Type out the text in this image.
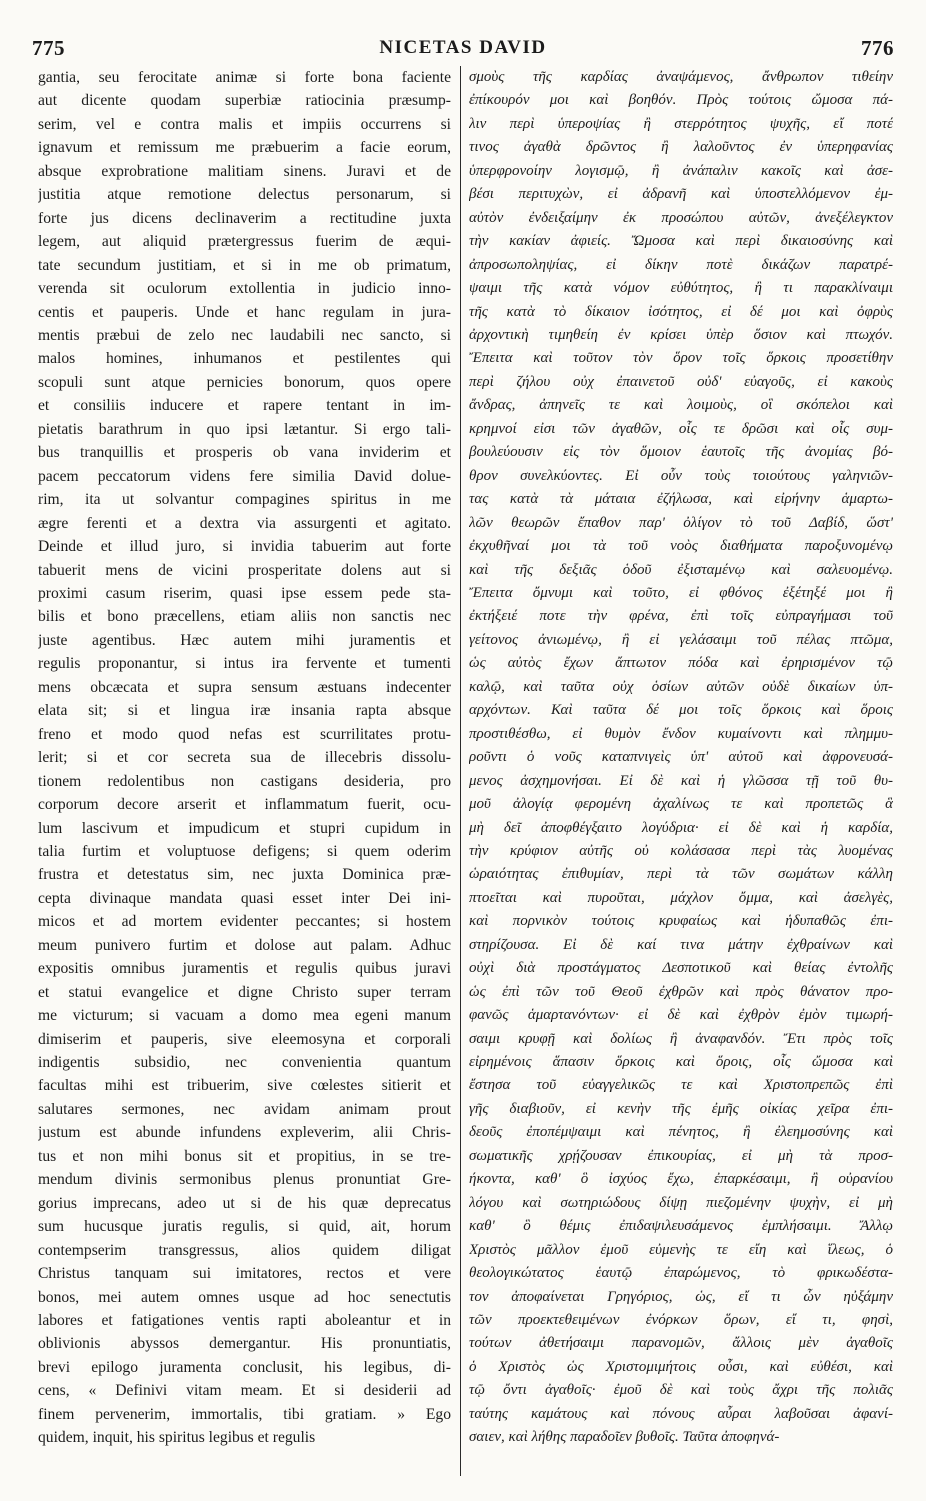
775	NICETAS DAVID	776
gantia, seu ferocitate animæ si forte bona faciente
aut dicente quodam superbiæ ratiocinia præsump-
serim, vel e contra malis et impiis occurrens si
ignavum et remissum me præbuerim a facie eorum,
absque exprobratione malitiam sinens. Juravi et de
justitia atque remotione delectus personarum, si
forte jus dicens declinaverim a rectitudine juxta
legem, aut aliquid prætergressus fuerim de æqui-
tate secundum justitiam, et si in me ob primatum,
verenda sit oculorum extollentia in judicio inno-
centis et pauperis. Unde et hanc regulam in jura-
mentis præbui de zelo nec laudabili nec sancto, si
malos homines, inhumanos et pestilentes qui
scopuli sunt atque pernicies bonorum, quos opere
et consiliis inducere et rapere tentant in im-
pietatis barathrum in quo ipsi lætantur. Si ergo tali-
bus tranquillis et prosperis ob vana inviderim et
pacem peccatorum videns fere similia David dolue-
rim, ita ut solvantur compagines spiritus in me
ægre ferenti et a dextra via assurgenti et agitato.
Deinde et illud juro, si invidia tabuerim aut forte
tabuerit mens de vicini prosperitate dolens aut si
proximi casum riserim, quasi ipse essem pede sta-
bilis et bono præcellens, etiam aliis non sanctis nec
juste agentibus. Hæc autem mihi juramentis et
regulis proponantur, si intus ira fervente et tumenti
mens obcæcata et supra sensum æstuans indecenter
elata sit; si et lingua iræ insania rapta absque
freno et modo quod nefas est scurrilitates protu-
lerit; si et cor secreta sua de illecebris dissolu-
tionem redolentibus non castigans desideria, pro
corporum decore arserit et inflammatum fuerit, ocu-
lum lascivum et impudicum et stupri cupidum in
talia furtim et voluptuose defigens; si quem oderim
frustra et detestatus sim, nec juxta Dominica præ-
cepta divinaque mandata quasi esset inter Dei ini-
micos et ad mortem evidenter peccantes; si hostem
meum punivero furtim et dolose aut palam. Adhuc
expositis omnibus juramentis et regulis quibus juravi
et statui evangelice et digne Christo super terram
me victurum; si vacuam a domo mea egeni manum
dimiserim et pauperis, sive eleemosyna et corporali
indigentis subsidio, nec convenientia quantum
facultas mihi est tribuerim, sive cœlestes sitierit et
salutares sermones, nec avidam animam prout
justum est abunde infundens expleverim, alii Chris-
tus et non mihi bonus sit et propitius, in se tre-
mendum divinis sermonibus plenus pronuntiat Gre-
gorius imprecans, adeo ut si de his quæ deprecatus
sum hucusque juratis regulis, si quid, ait, horum
contempserim transgressus, alios quidem diligat
Christus tanquam sui imitatores, rectos et vere
bonos, mei autem omnes usque ad hoc senectutis
labores et fatigationes ventis rapti aboleantur et in
oblivionis abyssos demergantur. His pronuntiatis,
brevi epilogo juramenta conclusit, his legibus, di-
cens, « Definivi vitam meam. Et si desiderii ad
finem pervenerim, immortalis, tibi gratiam. » Ego
quidem, inquit, his spiritus legibus et regulis
σμοὺς τῆς καρδίας ἀναψάμενος, ἄνθρωπον τιθείην
ἐπίκουρόν μοι καὶ βοηθόν. Πρὸς τούτοις ὤμοσα πά-
λιν περὶ ὑπεροψίας ἢ στερρότητος ψυχῆς, εἴ ποτέ
τινος ἀγαθὰ δρῶντος ἢ λαλοῦντος ἐν ὑπερηφανίας
ὑπερφρονοίην λογισμῷ, ἢ ἀνάπαλιν κακοῖς καὶ ἀσε-
βέσι περιτυχὼν, εἰ ἀδρανῆ καὶ ὑποστελλόμενον ἐμ-
αὐτὸν ἐνδειξαίμην ἐκ προσώπου αὐτῶν, ἀνεξέλεγκτον
τὴν κακίαν ἀφιείς. Ὤμοσα καὶ περὶ δικαιοσύνης καὶ
ἀπροσωποληψίας, εἰ δίκην ποτὲ δικάζων παρατρέ-
ψαιμι τῆς κατὰ νόμον εὐθύτητος, ἢ τι παρακλίναιμι
τῆς κατὰ τὸ δίκαιον ἰσότητος, εἰ δέ μοι καὶ ὀφρὺς
ἀρχοντικὴ τιμηθείη ἐν κρίσει ὑπὲρ ὅσιον καὶ πτωχόν.
Ἔπειτα καὶ τοῦτον τὸν ὅρον τοῖς ὅρκοις προσετίθην
περὶ ζήλου οὐχ ἐπαινετοῦ οὐδ' εὐαγοῦς, εἰ κακοὺς
ἄνδρας, ἀπηνεῖς τε καὶ λοιμοὺς, οἳ σκόπελοι καὶ
κρημνοί εἰσι τῶν ἀγαθῶν, οἷς τε δρῶσι καὶ οἷς συμ-
βουλεύουσιν εἰς τὸν ὅμοιον ἑαυτοῖς τῆς ἀνομίας βό-
θρον συνελκύοντες. Εἰ οὖν τοὺς τοιούτους γαληνιῶν-
τας κατὰ τὰ μάταια ἐζήλωσα, καὶ εἰρήνην ἁμαρτω-
λῶν θεωρῶν ἔπαθον παρ' ὀλίγον τὸ τοῦ Δαβίδ, ὥστ'
ἐκχυθῆναί μοι τὰ τοῦ νοὸς διαθήματα παροξυνομένῳ
καὶ τῆς δεξιᾶς ὁδοῦ ἐξισταμένῳ καὶ σαλευομένῳ.
Ἔπειτα ὄμνυμι καὶ τοῦτο, εἰ φθόνος ἐξέτηξέ μοι ἢ
ἐκτήξειέ ποτε τὴν φρένα, ἐπὶ τοῖς εὐπραγήμασι τοῦ
γείτονος ἀνιωμένῳ, ἢ εἰ γελάσαιμι τοῦ πέλας πτῶμα,
ὡς αὐτὸς ἔχων ἄπτωτον πόδα καὶ ἐρηρισμένον τῷ
καλῷ, καὶ ταῦτα οὐχ ὁσίων αὐτῶν οὐδὲ δικαίων ὑπ-
αρχόντων. Καὶ ταῦτα δέ μοι τοῖς ὅρκοις καὶ ὅροις
προστιθέσθω, εἰ θυμὸν ἔνδον κυμαίνοντι καὶ πλημμυ-
ροῦντι ὁ νοῦς καταπνιγεὶς ὑπ' αὐτοῦ καὶ ἀφρονευσά-
μενος ἀσχημονήσαι. Εἰ δὲ καὶ ἡ γλῶσσα τῇ τοῦ θυ-
μοῦ ἀλογίᾳ φερομένη ἀχαλίνως τε καὶ προπετῶς ἃ
μὴ δεῖ ἀποφθέγξαιτο λογύδρια· εἰ δὲ καὶ ἡ καρδία,
τὴν κρύφιον αὐτῆς οὐ κολάσασα περὶ τὰς λυομένας
ὡραιότητας ἐπιθυμίαν, περὶ τὰ τῶν σωμάτων κάλλη
πτοεῖται καὶ πυροῦται, μάχλον ὄμμα, καὶ ἀσελγὲς,
καὶ πορνικὸν τούτοις κρυφαίως καὶ ἡδυπαθῶς ἐπι-
στηρίζουσα. Εἰ δὲ καί τινα μάτην ἐχθραίνων καὶ
οὐχὶ διὰ προστάγματος Δεσποτικοῦ καὶ θείας ἐντολῆς
ὡς ἐπὶ τῶν τοῦ Θεοῦ ἐχθρῶν καὶ πρὸς θάνατον προ-
φανῶς ἁμαρτανόντων· εἰ δὲ καὶ ἐχθρὸν ἐμὸν τιμωρή-
σαιμι κρυφῇ καὶ δολίως ἢ ἀναφανδόν. Ἔτι πρὸς τοῖς
εἰρημένοις ἅπασιν ὅρκοις καὶ ὅροις, οἷς ὤμοσα καὶ
ἔστησα τοῦ εὐαγγελικῶς τε καὶ Χριστοπρεπῶς ἐπὶ
γῆς διαβιοῦν, εἰ κενὴν τῆς ἐμῆς οἰκίας χεῖρα ἐπι-
δεοῦς ἐποπέμψαιμι καὶ πένητος, ἢ ἐλεημοσύνης καὶ
σωματικῆς χρῄζουσαν ἐπικουρίας, εἰ μὴ τὰ προσ-
ήκοντα, καθ' ὃ ἰσχύος ἔχω, ἐπαρκέσαιμι, ἢ οὐρανίου
λόγου καὶ σωτηριώδους δίψῃ πιεζομένην ψυχὴν, εἰ μὴ
καθ' ὃ θέμις ἐπιδαψιλευσάμενος ἐμπλήσαιμι. Ἄλλῳ
Χριστὸς μᾶλλον ἐμοῦ εὐμενὴς τε εἴη καὶ ἵλεως, ὁ
θεολογικώτατος ἑαυτῷ ἐπαρώμενος, τὸ φρικωδέστα-
τον ἀποφαίνεται Γρηγόριος, ὡς, εἴ τι ὧν ηὐξάμην
τῶν προεκτεθειμένων ἐνόρκων ὅρων, εἴ τι, φησὶ,
τούτων ἀθετήσαιμι παρανομῶν, ἄλλοις μὲν ἀγαθοῖς
ὁ Χριστὸς ὡς Χριστομιμήτοις οὖσι, καὶ εὐθέσι, καὶ
τῷ ὄντι ἀγαθοῖς· ἐμοῦ δὲ καὶ τοὺς ἄχρι τῆς πολιᾶς
ταύτης καμάτους καὶ πόνους αὖραι λαβοῦσαι ἀφανί-
σαιεν, καὶ λήθης παραδοῖεν βυθοῖς. Ταῦτα ἀποφηνά-
